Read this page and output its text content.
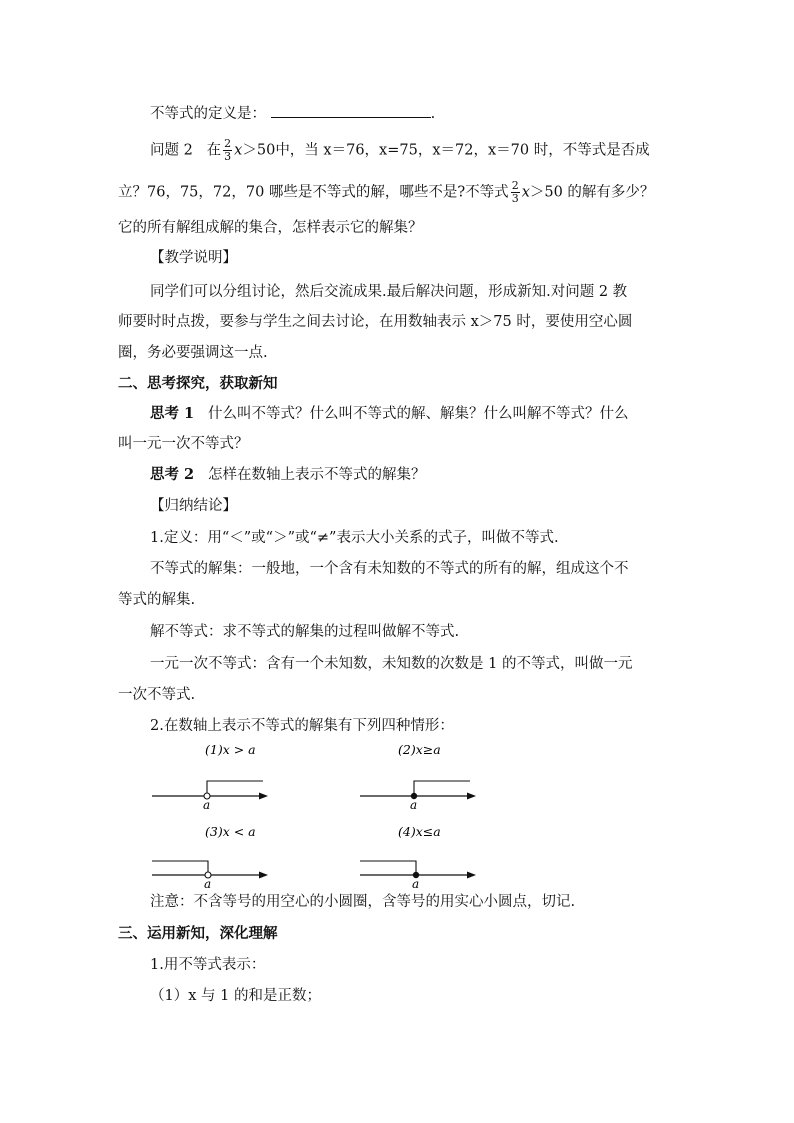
不等式的定义是：	.
问题 2 在 $\frac{2}{3} x>50$中，当 x＝76，x=75，x＝72，x＝70 时，不等式是否成
立？76，75，72，70 哪些是不等式的解，哪些不是?不等式 $\frac{2}{3} x>50$ 的解有多少？
它的所有解组成解的集合，怎样表示它的解集？
【教学说明】
同学们可以分组讨论，然后交流成果.最后解决问题，形成新知.对问题 2 教
师要时时点拨，要参与学生之间去讨论，在用数轴表示 x＞75 时，要使用空心圆
圈，务必要强调这一点.
二、思考探究，获取新知
思考 1 什么叫不等式？什么叫不等式的解、解集？什么叫解不等式？什么
叫一元一次不等式？
思考 2 怎样在数轴上表示不等式的解集？
【归纳结论】
1.定义：用“＜”或“＞”或“≠”表示大小关系的式子，叫做不等式.
不等式的解集：一般地，一个含有未知数的不等式的所有的解，组成这个不
等式的解集.
解不等式：求不等式的解集的过程叫做解不等式.
一元一次不等式：含有一个未知数，未知数的次数是 1 的不等式，叫做一元
一次不等式.
2.在数轴上表示不等式的解集有下列四种情形：
(1)x > a
a
(2)x≥a
a
(3)x < a
a
(4)x≤a
a
注意：不含等号的用空心的小圆圈，含等号的用实心小圆点，切记.
三、运用新知，深化理解
1.用不等式表示：
（1）x 与 1 的和是正数；
